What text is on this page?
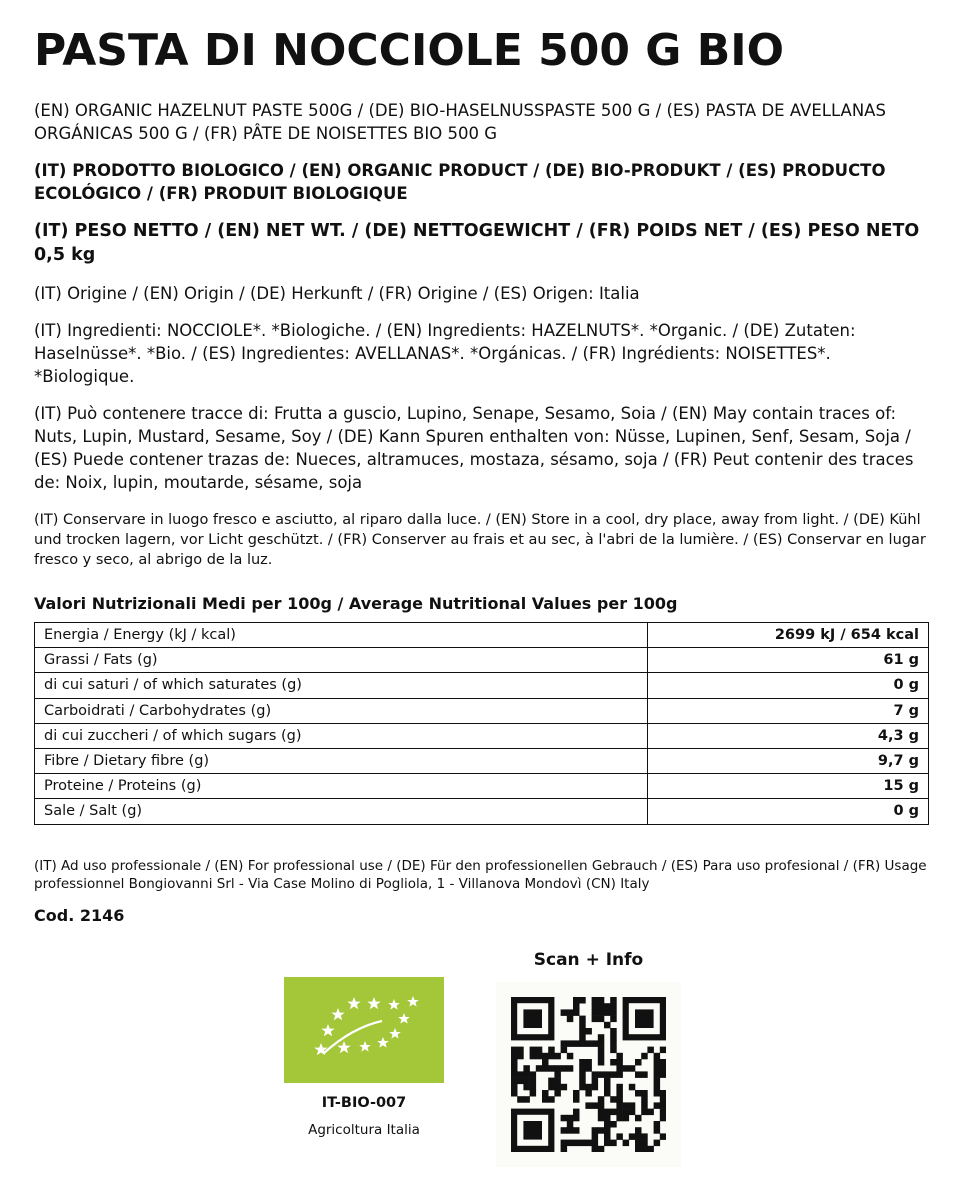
PASTA DI NOCCIOLE 500 G BIO

(EN) ORGANIC HAZELNUT PASTE 500G / (DE) BIO-HASELNUSSPASTE 500 G / (ES) PASTA DE AVELLANAS ORGÁNICAS 500 G / (FR) PÂTE DE NOISETTES BIO 500 G

(IT) PRODOTTO BIOLOGICO / (EN) ORGANIC PRODUCT / (DE) BIO-PRODUKT / (ES) PRODUCTO ECOLÓGICO / (FR) PRODUIT BIOLOGIQUE

(IT) PESO NETTO / (EN) NET WT. / (DE) NETTOGEWICHT / (FR) POIDS NET / (ES) PESO NETO 0,5 kg

(IT) Origine / (EN) Origin / (DE) Herkunft / (FR) Origine / (ES) Origen: Italia

(IT) Ingredienti: NOCCIOLE*. *Biologiche. / (EN) Ingredients: HAZELNUTS*. *Organic. / (DE) Zutaten: Haselnüsse*. *Bio. / (ES) Ingredientes: AVELLANAS*. *Orgánicas. / (FR) Ingrédients: NOISETTES*. *Biologique.

(IT) Può contenere tracce di: Frutta a guscio, Lupino, Senape, Sesamo, Soia / (EN) May contain traces of: Nuts, Lupin, Mustard, Sesame, Soy / (DE) Kann Spuren enthalten von: Nüsse, Lupinen, Senf, Sesam, Soja / (ES) Puede contener trazas de: Nueces, altramuces, mostaza, sésamo, soja / (FR) Peut contenir des traces de: Noix, lupin, moutarde, sésame, soja

(IT) Conservare in luogo fresco e asciutto, al riparo dalla luce. / (EN) Store in a cool, dry place, away from light. / (DE) Kühl und trocken lagern, vor Licht geschützt. / (FR) Conserver au frais et au sec, à l'abri de la lumière. / (ES) Conservar en lugar fresco y seco, al abrigo de la luz.

Valori Nutrizionali Medi per 100g / Average Nutritional Values per 100g

Energia / Energy (kJ / kcal)	2699 kJ / 654 kcal
Grassi / Fats (g)	61 g
di cui saturi / of which saturates (g)	0 g
Carboidrati / Carbohydrates (g)	7 g
di cui zuccheri / of which sugars (g)	4,3 g
Fibre / Dietary fibre (g)	9,7 g
Proteine / Proteins (g)	15 g
Sale / Salt (g)	0 g

(IT) Ad uso professionale / (EN) For professional use / (DE) Für den professionellen Gebrauch / (ES) Para uso profesional / (FR) Usage professionnel Bongiovanni Srl - Via Case Molino di Pogliola, 1 - Villanova Mondovì (CN) Italy

Cod. 2146

IT-BIO-007
Agricoltura Italia
Scan + Info
